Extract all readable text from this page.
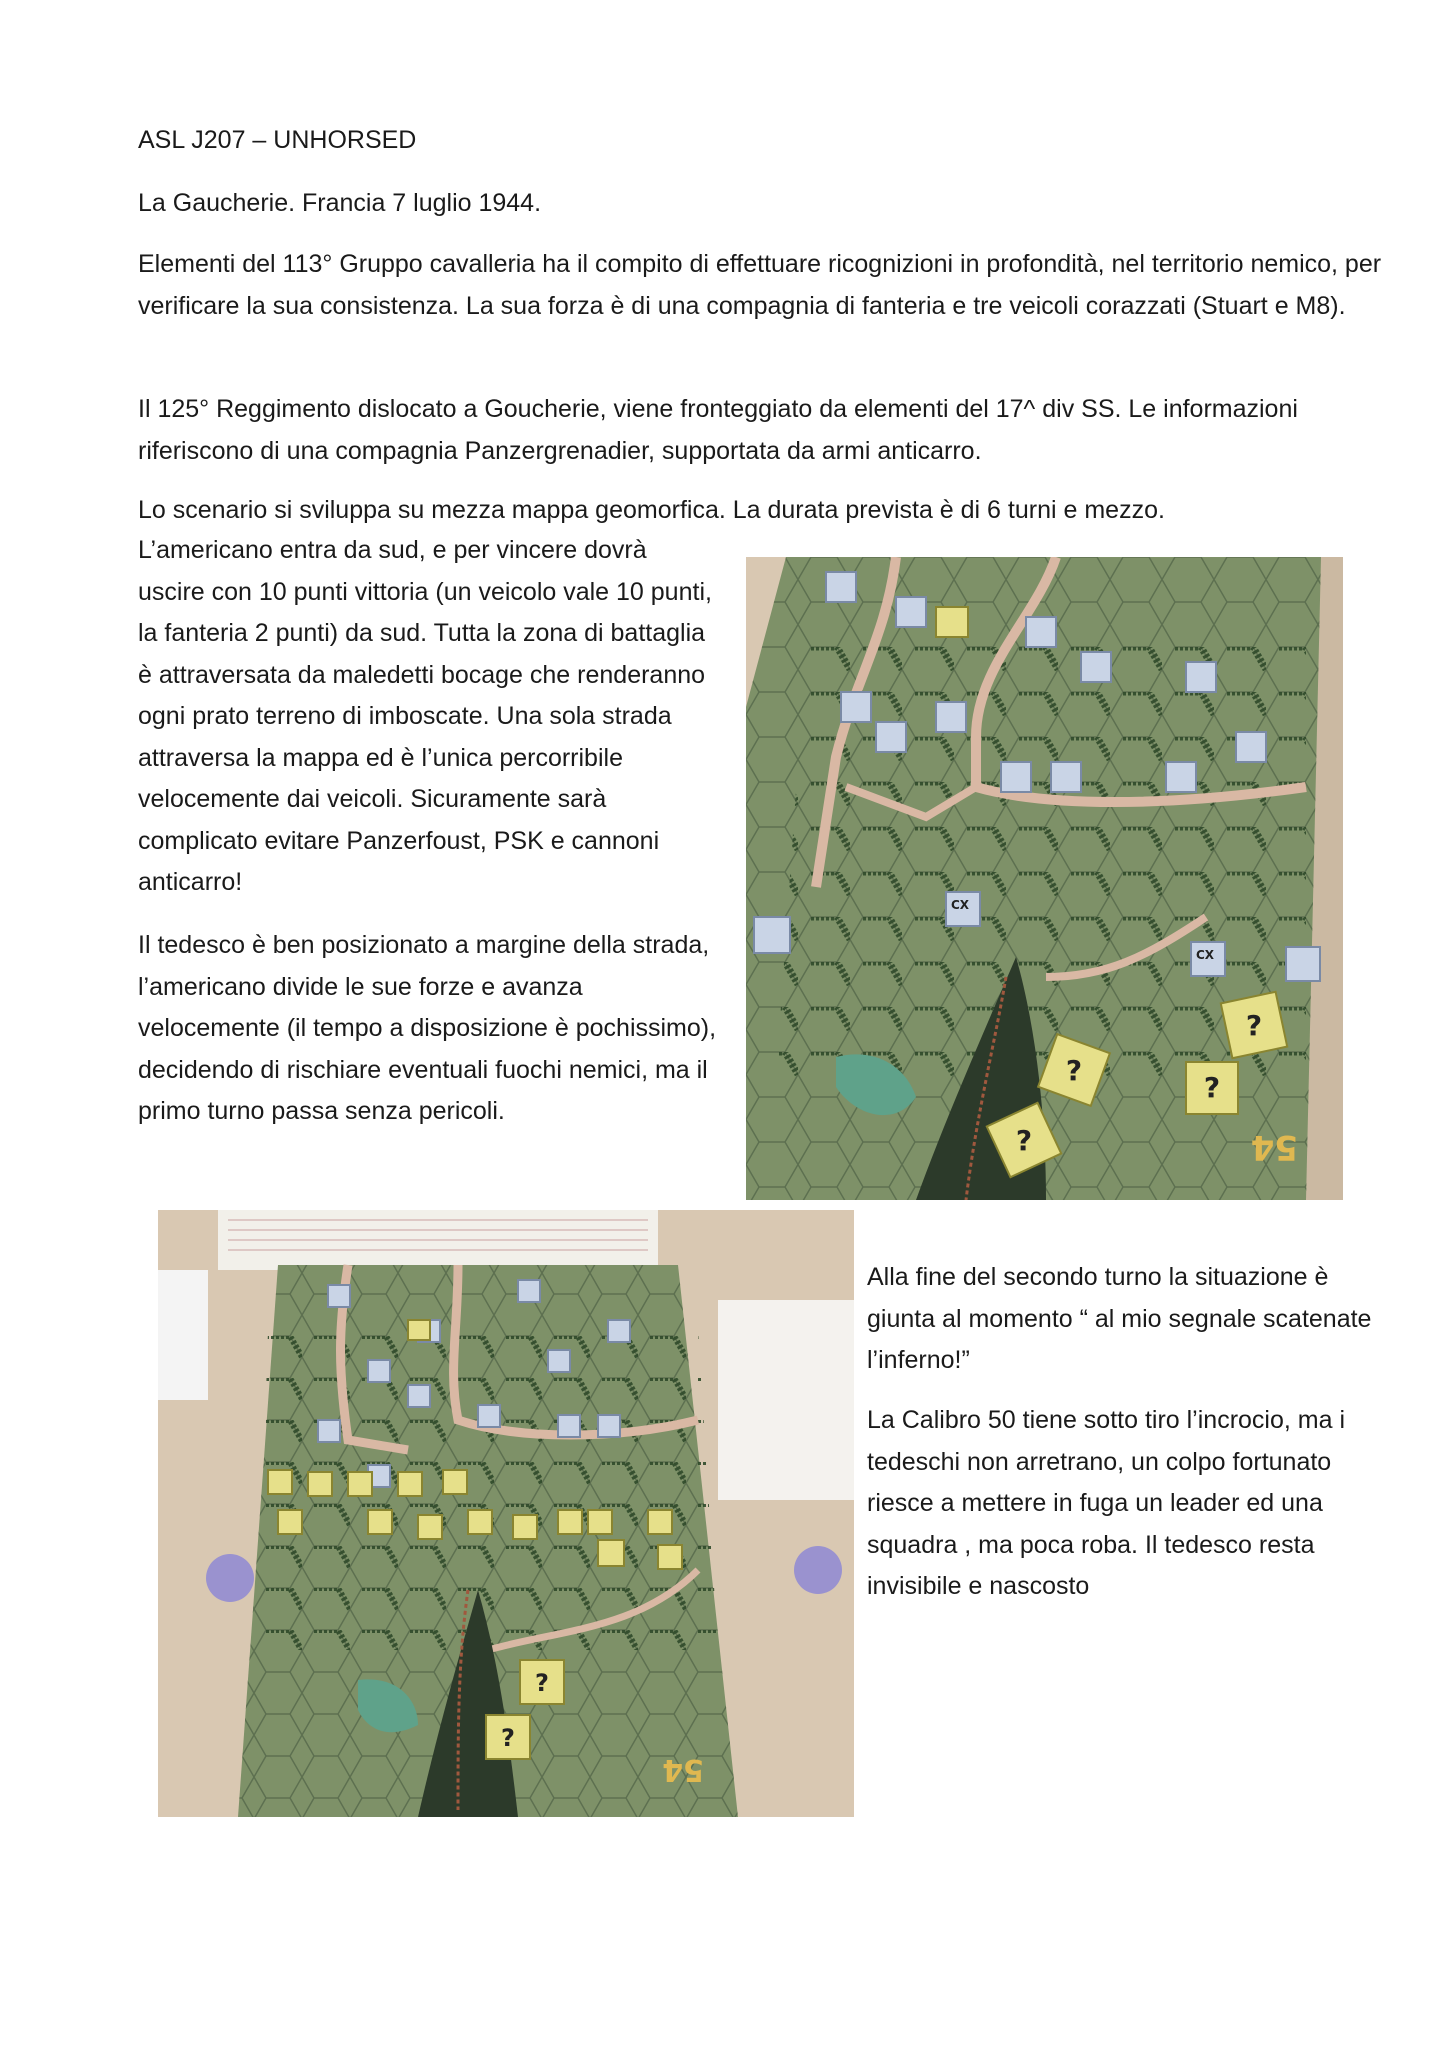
ASL J207 – UNHORSED

La Gaucherie. Francia 7 luglio 1944.

Elementi del 113° Gruppo cavalleria ha il compito di effettuare ricognizioni in profondità, nel territorio nemico, per verificare la sua consistenza. La sua forza è di una compagnia di fanteria e tre veicoli corazzati (Stuart e M8).

Il 125° Reggimento dislocato a Goucherie, viene fronteggiato da elementi del 17^ div SS. Le informazioni riferiscono di una compagnia Panzergrenadier, supportata da armi anticarro.

Lo scenario si sviluppa su mezza mappa geomorfica. La durata prevista è di 6 turni e mezzo.

L’americano entra da sud, e per vincere dovrà uscire con 10 punti vittoria (un veicolo vale 10 punti, la fanteria 2 punti) da sud. Tutta la zona di battaglia è attraversata da maledetti bocage che renderanno ogni prato terreno di imboscate. Una sola strada attraversa la mappa ed è l’unica percorribile velocemente dai veicoli. Sicuramente sarà complicato evitare Panzerfoust, PSK e cannoni anticarro!

Il tedesco è ben posizionato a margine della strada, l’americano divide le sue forze e avanza velocemente (il tempo a disposizione è pochissimo), decidendo di rischiare eventuali fuochi nemici, ma il primo turno passa senza pericoli.

Alla fine del secondo turno la situazione è giunta al momento “ al mio segnale scatenate l’inferno!”

La Calibro 50 tiene sotto tiro l’incrocio, ma i tedeschi non arretrano, un colpo fortunato riesce a mettere in fuga un leader ed una squadra , ma poca roba. Il tedesco resta invisibile e nascosto

?
?
?
?
CX
CX
54
?
?
54
